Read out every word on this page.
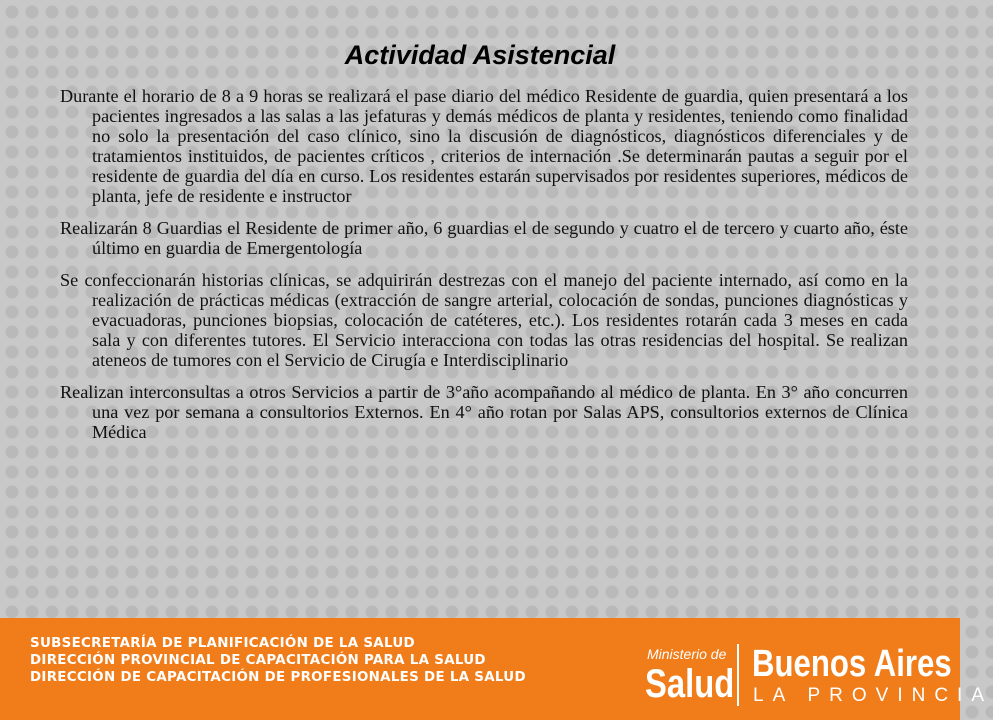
Actividad Asistencial

Durante el horario de 8 a 9 horas se realizará el pase diario del médico Residente de guardia, quien presentará a los pacientes ingresados a las salas a las jefaturas y demás médicos de planta y residentes, teniendo como finalidad no solo la presentación del caso clínico, sino la discusión de diagnósticos, diagnósticos diferenciales y de tratamientos instituidos, de pacientes críticos , criterios de internación .Se determinarán pautas a seguir por el residente de guardia del día en curso. Los residentes estarán supervisados por residentes superiores, médicos de planta, jefe de residente e instructor

Realizarán 8 Guardias el Residente de primer año, 6 guardias el de segundo y cuatro el de tercero y cuarto año, éste último en guardia de Emergentología

Se confeccionarán historias clínicas, se adquirirán destrezas con el manejo del paciente internado, así como en la realización de prácticas médicas (extracción de sangre arterial, colocación de sondas, punciones diagnósticas y evacuadoras, punciones biopsias, colocación de catéteres, etc.). Los residentes rotarán cada 3 meses en cada sala y con diferentes tutores. El Servicio interacciona con todas las otras residencias del hospital. Se realizan ateneos de tumores con el Servicio de Cirugía e Interdisciplinario

Realizan interconsultas a otros Servicios a partir de 3°año acompañando al médico de planta. En 3° año concurren una vez por semana a consultorios Externos. En 4° año rotan por Salas APS, consultorios externos de Clínica Médica

SUBSECRETARÍA DE PLANIFICACIÓN DE LA SALUD
DIRECCIÓN PROVINCIAL DE CAPACITACIÓN PARA LA SALUD
DIRECCIÓN DE CAPACITACIÓN DE PROFESIONALES DE LA SALUD
Ministerio de
Salud Buenos Aires
LA PROVINCIA
